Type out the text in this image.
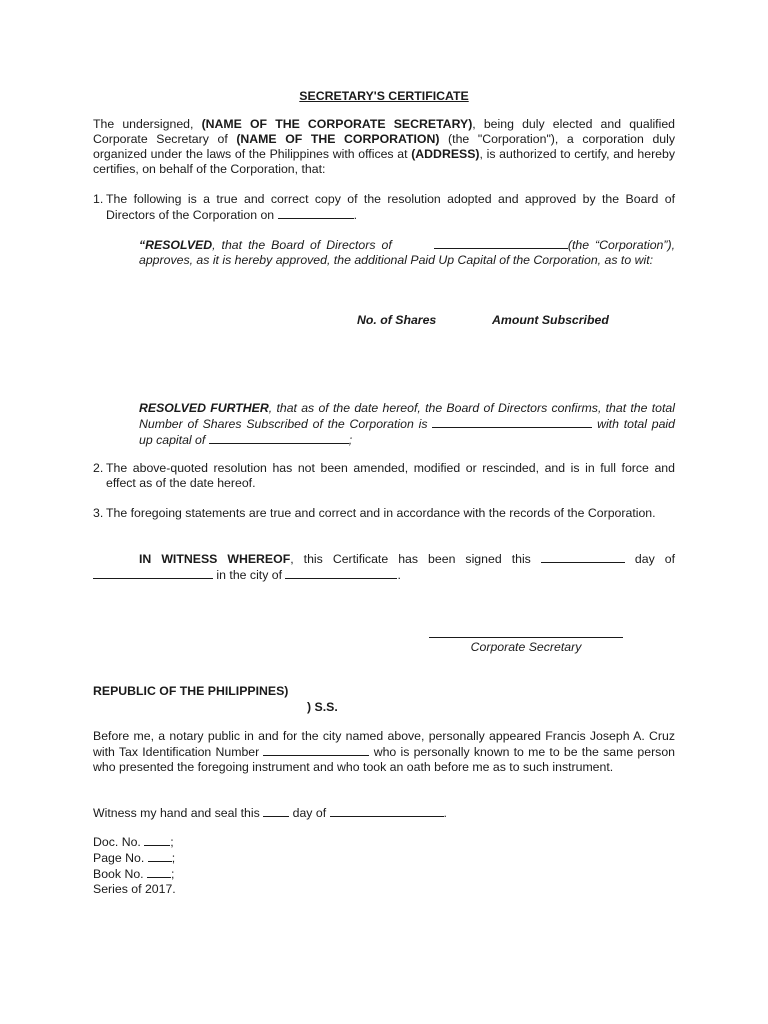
SECRETARY'S CERTIFICATE
The undersigned, (NAME OF THE CORPORATE SECRETARY), being duly elected and qualified Corporate Secretary of (NAME OF THE CORPORATION) (the "Corporation"), a corporation duly organized under the laws of the Philippines with offices at (ADDRESS), is authorized to certify, and hereby certifies, on behalf of the Corporation, that:
1. The following is a true and correct copy of the resolution adopted and approved by the Board of Directors of the Corporation on	.
“RESOLVED, that the Board of Directors of	(the “Corporation”), approves, as it is hereby approved, the additional Paid Up Capital of the Corporation, as to wit:
No. of Shares	Amount Subscribed
RESOLVED FURTHER, that as of the date hereof, the Board of Directors confirms, that the total Number of Shares Subscribed of the Corporation is	with total paid up capital of	;
2. The above-quoted resolution has not been amended, modified or rescinded, and is in full force and effect as of the date hereof.
3. The foregoing statements are true and correct and in accordance with the records of the Corporation.
IN WITNESS WHEREOF, this Certificate has been signed this	day of
in the city of	.
Corporate Secretary
REPUBLIC OF THE PHILIPPINES)
) S.S.
Before me, a notary public in and for the city named above, personally appeared Francis Joseph A. Cruz with Tax Identification Number	who is personally known to me to be the same person who presented the foregoing instrument and who took an oath before me as to such instrument.
Witness my hand and seal this	day of	.
Doc. No. ;
Page No. ;
Book No. ;
Series of 2017.
